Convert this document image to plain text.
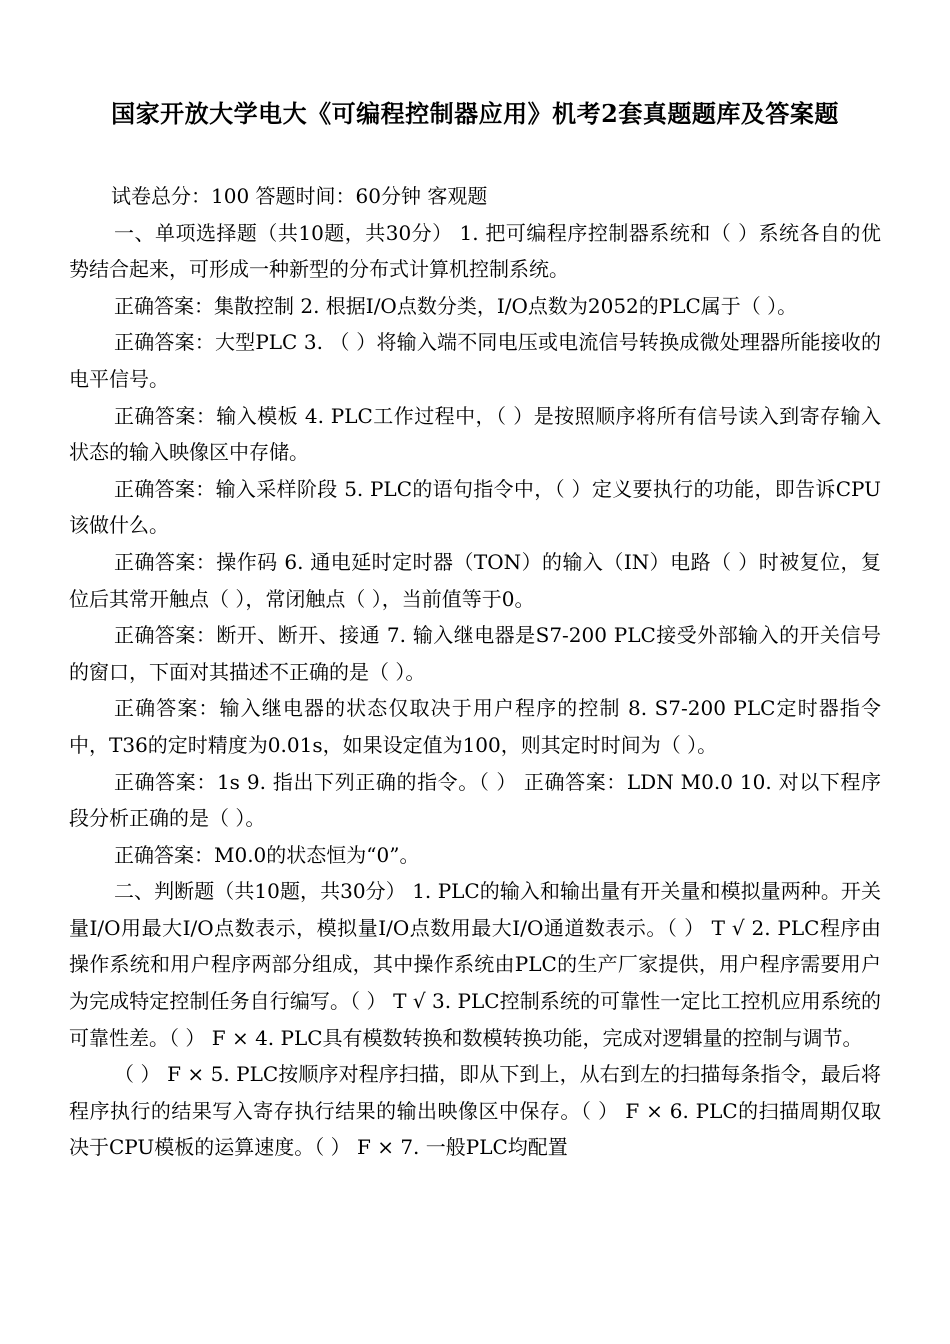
国家开放大学电大《可编程控制器应用》机考2套真题题库及答案题

试卷总分：100 答题时间：60分钟 客观题

一、单项选择题（共10题，共30分） 1. 把可编程序控制器系统和（ ）系统各自的优势结合起来，可形成一种新型的分布式计算机控制系统。

正确答案：集散控制 2. 根据I/O点数分类，I/O点数为2052的PLC属于（ ）。

正确答案：大型PLC 3. （ ）将输入端不同电压或电流信号转换成微处理器所能接收的电平信号。

正确答案：输入模板 4. PLC工作过程中，（ ）是按照顺序将所有信号读入到寄存输入状态的输入映像区中存储。

正确答案：输入采样阶段 5. PLC的语句指令中，（ ）定义要执行的功能，即告诉CPU该做什么。

正确答案：操作码 6. 通电延时定时器（TON）的输入（IN）电路（ ）时被复位，复位后其常开触点（ ），常闭触点（ ），当前值等于0。

正确答案：断开、断开、接通 7. 输入继电器是S7-200 PLC接受外部输入的开关信号的窗口，下面对其描述不正确的是（ ）。

正确答案：输入继电器的状态仅取决于用户程序的控制 8. S7-200 PLC定时器指令中，T36的定时精度为0.01s，如果设定值为100，则其定时时间为（ ）。

正确答案：1s 9. 指出下列正确的指令。（ ） 正确答案：LDN M0.0 10. 对以下程序段分析正确的是（ ）。

正确答案：M0.0的状态恒为“0”。

二、判断题（共10题，共30分） 1. PLC的输入和输出量有开关量和模拟量两种。开关量I/O用最大I/O点数表示，模拟量I/O点数用最大I/O通道数表示。（ ） T √ 2. PLC程序由操作系统和用户程序两部分组成，其中操作系统由PLC的生产厂家提供，用户程序需要用户为完成特定控制任务自行编写。（ ） T √ 3. PLC控制系统的可靠性一定比工控机应用系统的可靠性差。（ ） F × 4. PLC具有模数转换和数模转换功能，完成对逻辑量的控制与调节。

（ ） F × 5. PLC按顺序对程序扫描，即从下到上，从右到左的扫描每条指令，最后将程序执行的结果写入寄存执行结果的输出映像区中保存。（ ） F × 6. PLC的扫描周期仅取决于CPU模板的运算速度。（ ） F × 7. 一般PLC均配置
